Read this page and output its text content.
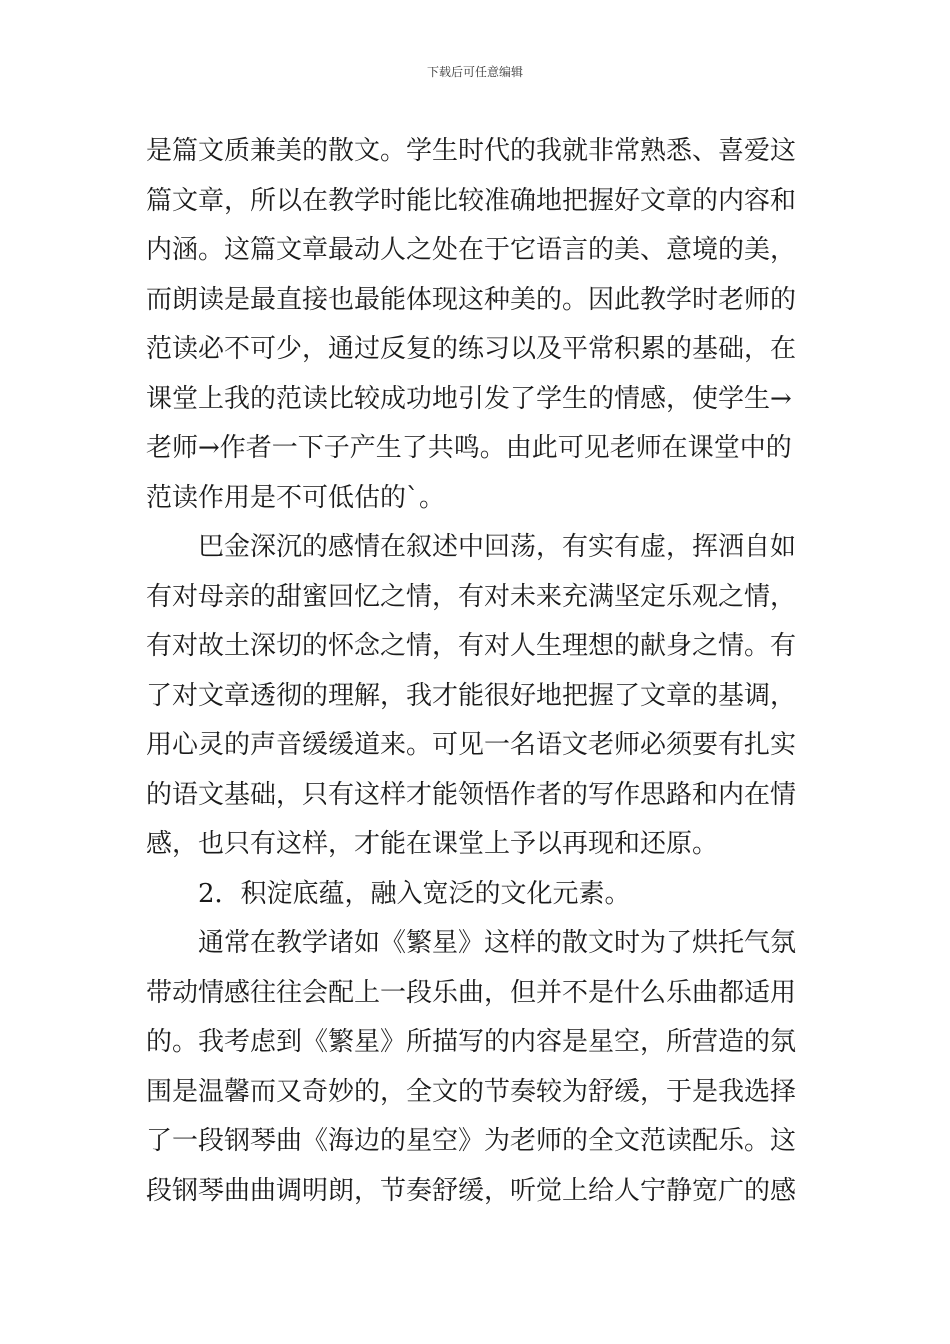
下载后可任意编辑
是篇文质兼美的散文。学生时代的我就非常熟悉、喜爱这
篇文章，所以在教学时能比较准确地把握好文章的内容和
内涵。这篇文章最动人之处在于它语言的美、意境的美，
而朗读是最直接也最能体现这种美的。因此教学时老师的
范读必不可少，通过反复的练习以及平常积累的基础，在
课堂上我的范读比较成功地引发了学生的情感，使学生→
老师→作者一下子产生了共鸣。由此可见老师在课堂中的
范读作用是不可低估的`。
巴金深沉的感情在叙述中回荡，有实有虚，挥洒自如
有对母亲的甜蜜回忆之情，有对未来充满坚定乐观之情，
有对故土深切的怀念之情，有对人生理想的献身之情。有
了对文章透彻的理解，我才能很好地把握了文章的基调，
用心灵的声音缓缓道来。可见一名语文老师必须要有扎实
的语文基础，只有这样才能领悟作者的写作思路和内在情
感，也只有这样，才能在课堂上予以再现和还原。
2．积淀底蕴，融入宽泛的文化元素。
通常在教学诸如《繁星》这样的散文时为了烘托气氛
带动情感往往会配上一段乐曲，但并不是什么乐曲都适用
的。我考虑到《繁星》所描写的内容是星空，所营造的氛
围是温馨而又奇妙的，全文的节奏较为舒缓，于是我选择
了一段钢琴曲《海边的星空》为老师的全文范读配乐。这
段钢琴曲曲调明朗，节奏舒缓，听觉上给人宁静宽广的感
